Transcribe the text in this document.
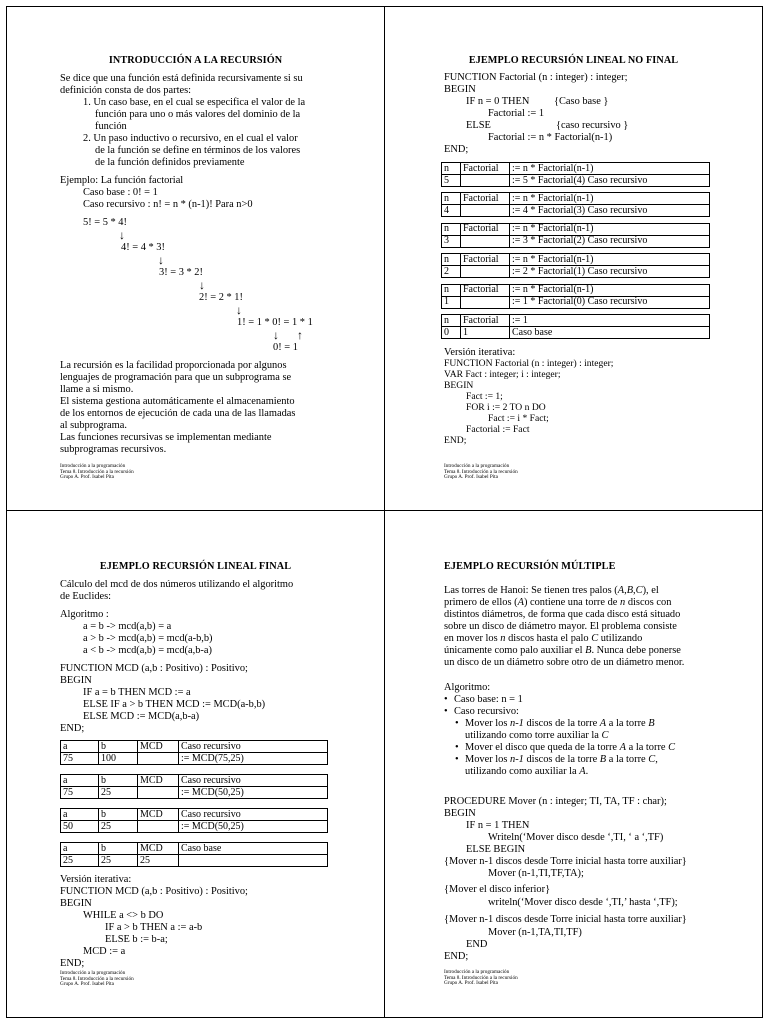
INTRODUCCIÓN A LA RECURSIÓN
Se dice que una función está definida recursivamente si su
definición consta de dos partes:
1. Un caso base, en el cual se especifica el valor de la
función para uno o más valores del dominio de la
función
2. Un paso inductivo o recursivo, en el cual el valor
de la función se define en términos de los valores
de la función definidos previamente
Ejemplo: La función factorial
Caso base : 0! = 1
Caso recursivo : n! = n * (n-1)! Para n>0
5! = 5 * 4!
↓
4! = 4 * 3!
↓
3! = 3 * 2!
↓
2! = 2 * 1!
↓
1! = 1 * 0! = 1 * 1
↓ ↑
0! = 1
La recursión es la facilidad proporcionada por algunos
lenguajes de programación para que un subprograma se
llame a si mismo.
El sistema gestiona automáticamente el almacenamiento
de los entornos de ejecución de cada una de las llamadas
al subprograma.
Las funciones recursivas se implementan mediante
subprogramas recursivos.
Introducción a la programación
Tema 8. Introducción a la recursión
Grupo A. Prof. Isabel Pita
EJEMPLO RECURSIÓN LINEAL NO FINAL
FUNCTION Factorial (n : integer) : integer;
BEGIN
IF n = 0 THEN {Caso base }
Factorial := 1
ELSE	{caso recursivo }
Factorial := n * Factorial(n-1)
END;
n	Factorial	:= n * Factorial(n-1)
5		:= 5 * Factorial(4) Caso recursivo
n	Factorial	:= n * Factorial(n-1)
4		:= 4 * Factorial(3) Caso recursivo
n	Factorial	:= n * Factorial(n-1)
3		:= 3 * Factorial(2) Caso recursivo
n	Factorial	:= n * Factorial(n-1)
2		:= 2 * Factorial(1) Caso recursivo
n	Factorial	:= n * Factorial(n-1)
1		:= 1 * Factorial(0) Caso recursivo
n	Factorial	:= 1
0	1	Caso base
Versión iterativa:
FUNCTION Factorial (n : integer) : integer;
VAR Fact : integer; i : integer;
BEGIN
Fact := 1;
FOR i := 2 TO n DO
Fact := i * Fact;
Factorial := Fact
END;
Introducción a la programación
Tema 8. Introducción a la recursión
Grupo A. Prof. Isabel Pita
EJEMPLO RECURSIÓN LINEAL FINAL
Cálculo del mcd de dos números utilizando el algoritmo
de Euclides:
Algoritmo :
a = b -> mcd(a,b) = a
a > b -> mcd(a,b) = mcd(a-b,b)
a < b -> mcd(a,b) = mcd(a,b-a)
FUNCTION MCD (a,b : Positivo) : Positivo;
BEGIN
IF a = b THEN MCD := a
ELSE IF a > b THEN MCD := MCD(a-b,b)
ELSE MCD := MCD(a,b-a)
END;
a	b	MCD	Caso recursivo
75	100		:= MCD(75,25)
a	b	MCD	Caso recursivo
75	25		:= MCD(50,25)
a	b	MCD	Caso recursivo
50	25		:= MCD(50,25)
a	b	MCD	Caso base
25	25	25	
Versión iterativa:
FUNCTION MCD (a,b : Positivo) : Positivo;
BEGIN
WHILE a <> b DO
IF a > b THEN a := a-b
ELSE b := b-a;
MCD := a
END;
Introducción a la programación
Tema 8. Introducción a la recursión
Grupo A. Prof. Isabel Pita
EJEMPLO RECURSIÓN MÚLTIPLE
Las torres de Hanoi: Se tienen tres palos (A,B,C), el
primero de ellos (A) contiene una torre de n discos con
distintos diámetros, de forma que cada disco está situado
sobre un disco de diámetro mayor. El problema consiste
en mover los n discos hasta el palo C utilizando
únicamente como palo auxiliar el B. Nunca debe ponerse
un disco de un diámetro sobre otro de un diámetro menor.
Algoritmo:
• Caso base: n = 1
• Caso recursivo:
• Mover los n-1 discos de la torre A a la torre B
utilizando como torre auxiliar la C
• Mover el disco que queda de la torre A a la torre C
• Mover los n-1 discos de la torre B a la torre C,
utilizando como auxiliar la A.
PROCEDURE Mover (n : integer; TI, TA, TF : char);
BEGIN
IF n = 1 THEN
Writeln(‘Mover disco desde ‘,TI, ‘ a ‘,TF)
ELSE BEGIN
{Mover n-1 discos desde Torre inicial hasta torre auxiliar}
Mover (n-1,TI,TF,TA);
{Mover el disco inferior}
writeln(‘Mover disco desde ‘,TI,’ hasta ‘,TF);
{Mover n-1 discos desde Torre inicial hasta torre auxiliar}
Mover (n-1,TA,TI,TF)
END
END;
Introducción a la programación
Tema 8. Introducción a la recursión
Grupo A. Prof. Isabel Pita
